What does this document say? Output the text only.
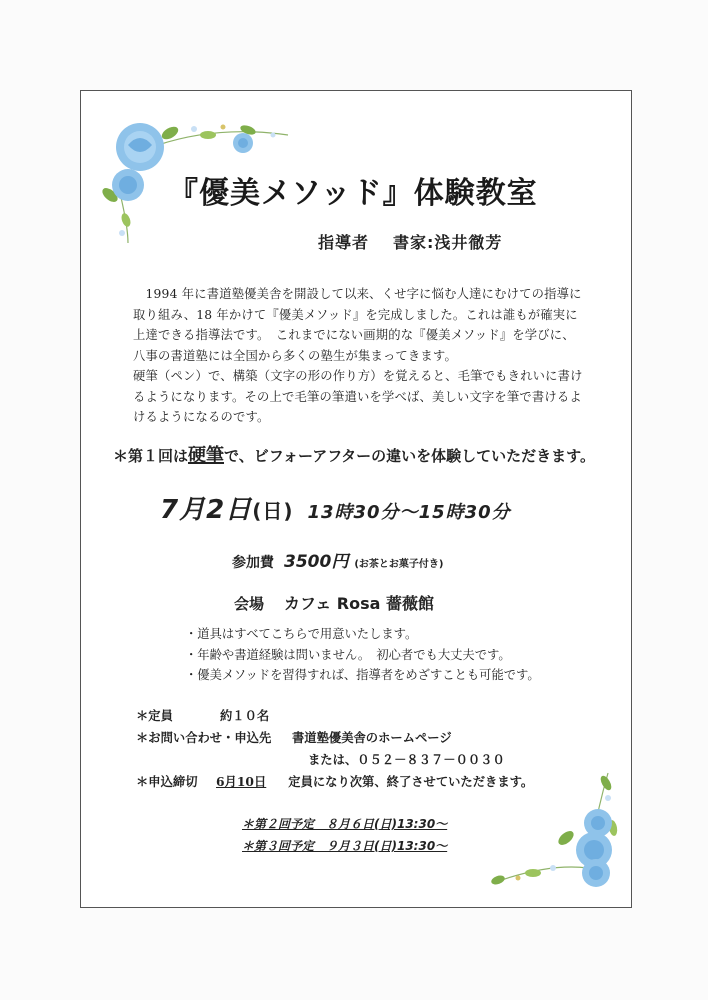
『優美メソッド』体験教室
指導者 書家:浅井徹芳

　1994 年に書道塾優美舎を開設して以来、くせ字に悩む人達にむけての指導に

取り組み、18 年かけて『優美メソッド』を完成しました。これは誰もが確実に

上達できる指導法です。　これまでにない画期的な『優美メソッド』を学びに、

八事の書道塾には全国から多くの塾生が集まってきます。

硬筆（ペン）で、構築（文字の形の作り方）を覚えると、毛筆でもきれいに書け

るようになります。その上で毛筆の筆遣いを学べば、美しい文字を筆で書けるよ

けるようになるのです。

＊第１回は硬筆で、ビフォーアフターの違いを体験していただきます。
7月2日(日) 13時30分～15時30分
参加費 3500円 (お茶とお菓子付き)
会場 カフェ Rosa 薔薇館
・道具はすべてこちらで用意いたします。
・年齢や書道経験は問いません。　初心者でも大丈夫です。
・優美メソッドを習得すれば、指導者をめざすことも可能です。
＊定員	約１０名
＊お問い合わせ・申込先 書道塾優美舎のホームページ
または、０５２－８３７－００３０
＊申込締切 6月10日 定員になり次第、終了させていただきます。
＊第２回予定　８月６日(日)13:30～
＊第３回予定　９月３日(日)13:30～
